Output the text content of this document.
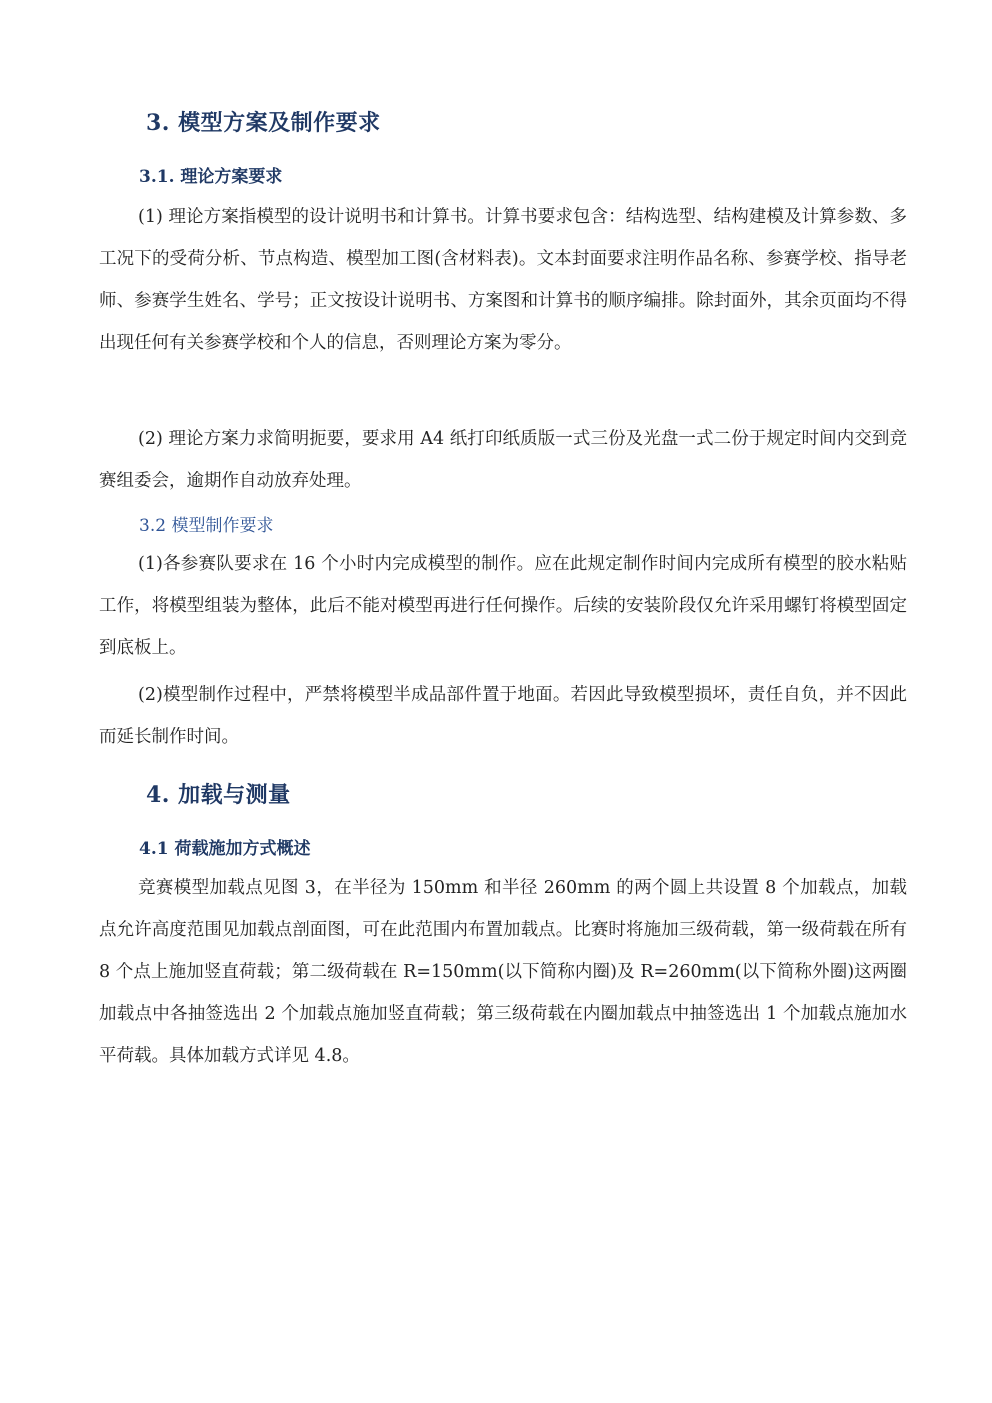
3. 模型方案及制作要求
3.1. 理论方案要求
(1) 理论方案指模型的设计说明书和计算书。计算书要求包含：结构选型、结构建模及计算参数、多工况下的受荷分析、节点构造、模型加工图(含材料表)。文本封面要求注明作品名称、参赛学校、指导老师、参赛学生姓名、学号；正文按设计说明书、方案图和计算书的顺序编排。除封面外，其余页面均不得出现任何有关参赛学校和个人的信息，否则理论方案为零分。
(2) 理论方案力求简明扼要，要求用 A4 纸打印纸质版一式三份及光盘一式二份于规定时间内交到竞赛组委会，逾期作自动放弃处理。
3.2 模型制作要求
(1)各参赛队要求在 16 个小时内完成模型的制作。应在此规定制作时间内完成所有模型的胶水粘贴工作，将模型组装为整体，此后不能对模型再进行任何操作。后续的安装阶段仅允许采用螺钉将模型固定到底板上。
(2)模型制作过程中，严禁将模型半成品部件置于地面。若因此导致模型损坏，责任自负，并不因此而延长制作时间。
4. 加载与测量
4.1 荷载施加方式概述
竞赛模型加载点见图 3，在半径为 150mm 和半径 260mm 的两个圆上共设置 8 个加载点，加载点允许高度范围见加载点剖面图，可在此范围内布置加载点。比赛时将施加三级荷载，第一级荷载在所有 8 个点上施加竖直荷载；第二级荷载在 R=150mm(以下简称内圈)及 R=260mm(以下简称外圈)这两圈加载点中各抽签选出 2 个加载点施加竖直荷载；第三级荷载在内圈加载点中抽签选出 1 个加载点施加水平荷载。具体加载方式详见 4.8。
